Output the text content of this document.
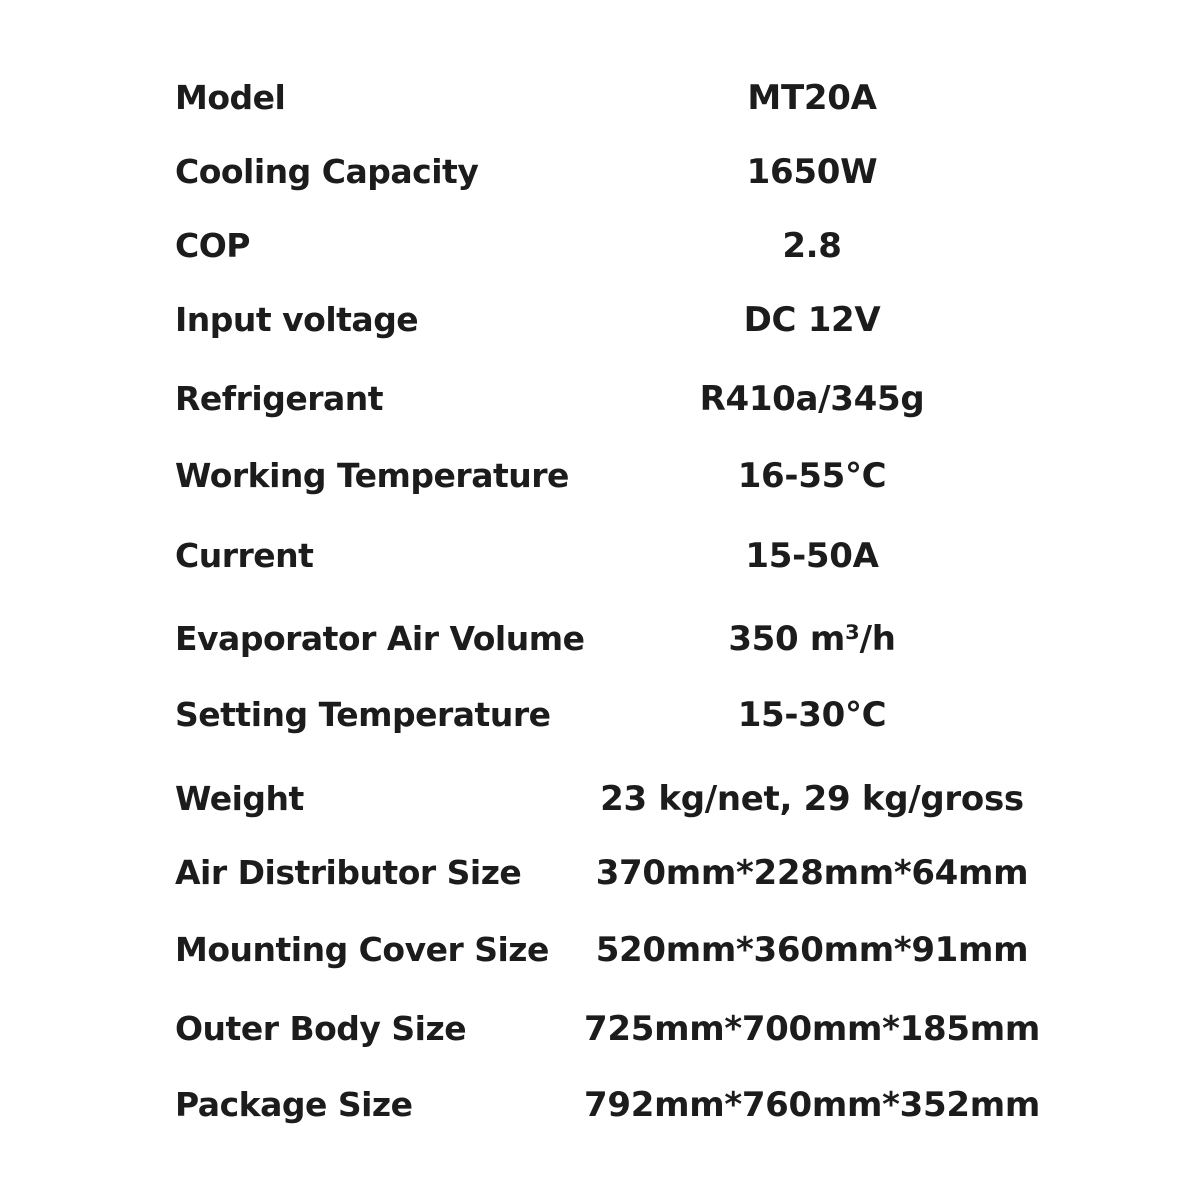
Model	MT20A
Cooling Capacity	1650W
COP	2.8
Input voltage	DC 12V
Refrigerant	R410a/345g
Working Temperature	16-55°C
Current	15-50A
Evaporator Air Volume	350 m³/h
Setting Temperature	15-30°C
Weight	23 kg/net, 29 kg/gross
Air Distributor Size	370mm*228mm*64mm
Mounting Cover Size	520mm*360mm*91mm
Outer Body Size	725mm*700mm*185mm
Package Size	792mm*760mm*352mm
